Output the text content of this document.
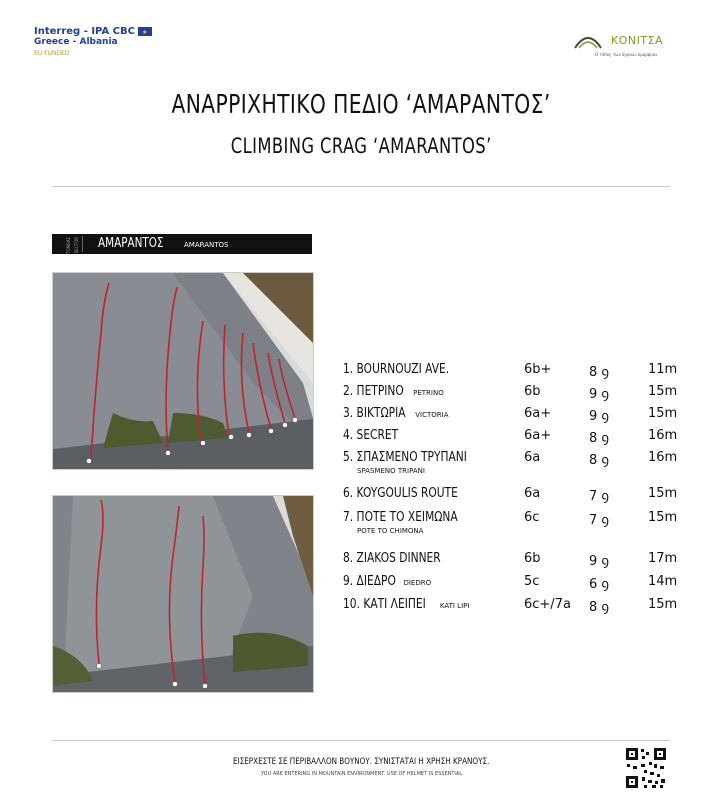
Interreg - IPA CBC★
Greece - Albania
EU FUNDED
ΚΟΝΙΤΣΑ
Ο τόπος των άγριων ομορφιών
ΑΝΑΡΡΙΧΗΤΙΚΟ ΠΕΔΙΟ ‘ΑΜΑΡΑΝΤΟΣ’
CLIMBING CRAG ‘AMARANTOS’
ΤΟΜΕΑΣ SECTOR ΑΜΑΡΑΝΤΟΣ	AMARANTOS
1. BOURNOUZI AVE.	6b+	8 ꝯ	11m
2. ΠΕΤΡΙΝΟ PETRINO	6b	9 ꝯ	15m
3. ΒΙΚΤΩΡΙΑ VICTORIA	6a+	9 ꝯ	15m
4. SECRET	6a+	8 ꝯ	16m
5. ΣΠΑΣΜΕΝΟ ΤΡΥΠΑΝΙ
SPASMENO TRIPANI
6a	8 ꝯ	16m
6. KOYGOULIS ROUTE	6a	7 ꝯ	15m
7. ΠΟΤΕ ΤΟ ΧΕΙΜΩΝΑ
POTE TO CHIMONA
6c	7 ꝯ	15m
8. ZIAKOS DINNER	6b	9 ꝯ	17m
9. ΔΙΕΔΡΟ DIEDRO	5c	6 ꝯ	14m
10. ΚΑΤΙ ΛΕΙΠΕΙ KATI LIPI	6c+/7a 8 ꝯ	15m
ΕΙΣΕΡΧΕΣΤΕ ΣΕ ΠΕΡΙΒΑΛΛΟΝ ΒΟΥΝΟΥ. ΣΥΝΙΣΤΑΤΑΙ Η ΧΡΗΣΗ ΚΡΑΝΟΥΣ.
YOU ARE ENTERING IN MOUNTAIN ENVIRONMENT. USE OF HELMET IS ESSENTIAL
